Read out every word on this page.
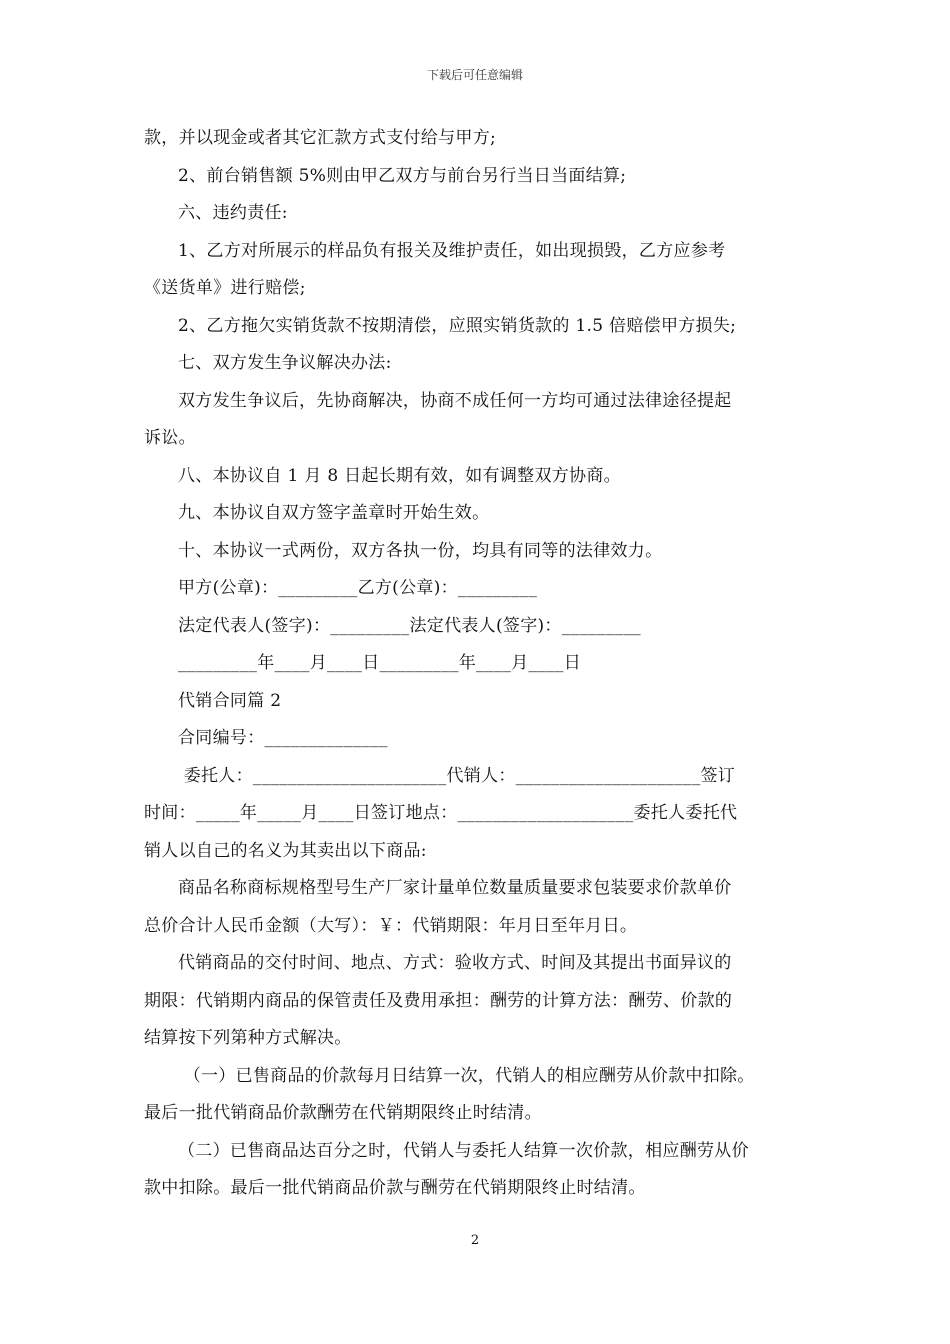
下载后可任意编辑
款，并以现金或者其它汇款方式支付给与甲方;
2、前台销售额 5%则由甲乙双方与前台另行当日当面结算;
六、违约责任:
1、乙方对所展示的样品负有报关及维护责任，如出现损毁，乙方应参考
《送货单》进行赔偿;
2、乙方拖欠实销货款不按期清偿，应照实销货款的 1.5 倍赔偿甲方损失;
七、双方发生争议解决办法:
双方发生争议后，先协商解决，协商不成任何一方均可通过法律途径提起
诉讼。
八、本协议自 1 月 8 日起长期有效，如有调整双方协商。
九、本协议自双方签字盖章时开始生效。
十、本协议一式两份，双方各执一份，均具有同等的法律效力。
甲方(公章)：_________乙方(公章)：_________
法定代表人(签字)：_________法定代表人(签字)：_________
_________年____月____日_________年____月____日
代销合同篇 2
合同编号：______________
委托人：______________________代销人：_____________________签订
时间：_____年_____月____日签订地点：____________________委托人委托代
销人以自己的名义为其卖出以下商品:
商品名称商标规格型号生产厂家计量单位数量质量要求包装要求价款单价
总价合计人民币金额（大写）：￥：代销期限：年月日至年月日。
代销商品的交付时间、地点、方式：验收方式、时间及其提出书面异议的
期限：代销期内商品的保管责任及费用承担：酬劳的计算方法：酬劳、价款的
结算按下列第种方式解决。
（一）已售商品的价款每月日结算一次，代销人的相应酬劳从价款中扣除。
最后一批代销商品价款酬劳在代销期限终止时结清。
（二）已售商品达百分之时，代销人与委托人结算一次价款，相应酬劳从价
款中扣除。最后一批代销商品价款与酬劳在代销期限终止时结清。
2
